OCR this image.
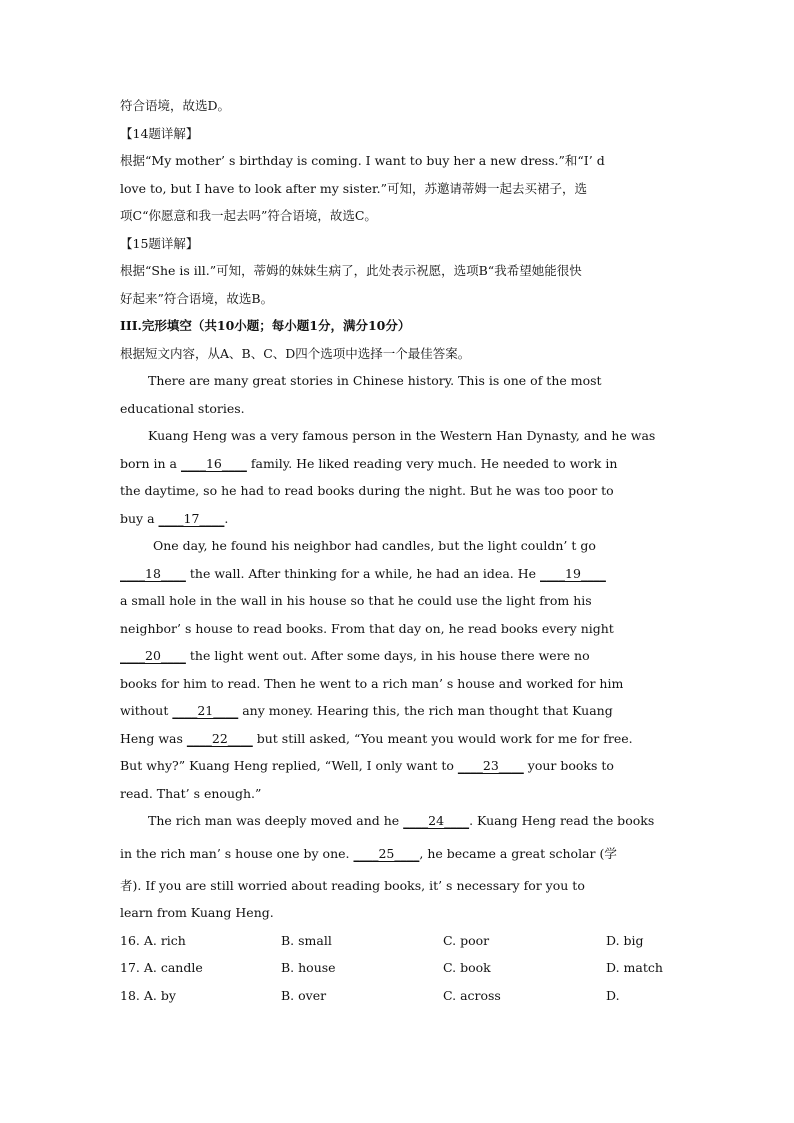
符合语境，故选D。
【14题详解】
根据“My mother’ s birthday is coming. I want to buy her a new dress.”和“I’ d
love to, but I have to look after my sister.”可知，苏邀请蒂姆一起去买裙子，选
项C“你愿意和我一起去吗”符合语境，故选C。
【15题详解】
根据“She is ill.”可知，蒂姆的妹妹生病了，此处表示祝愿，选项B“我希望她能很快
好起来”符合语境，故选B。
III.完形填空（共10小题；每小题1分，满分10分）
根据短文内容，从A、B、C、D四个选项中选择一个最佳答案。
There are many great stories in Chinese history. This is one of the most
educational stories.
Kuang Heng was a very famous person in the Western Han Dynasty, and he was
born in a ____16____ family. He liked reading very much. He needed to work in
the daytime, so he had to read books during the night. But he was too poor to
buy a ____17____.
One day, he found his neighbor had candles, but the light couldn’ t go
____18____ the wall. After thinking for a while, he had an idea. He ____19____
a small hole in the wall in his house so that he could use the light from his
neighbor’ s house to read books. From that day on, he read books every night
____20____ the light went out. After some days, in his house there were no
books for him to read. Then he went to a rich man’ s house and worked for him
without ____21____ any money. Hearing this, the rich man thought that Kuang
Heng was ____22____ but still asked, “You meant you would work for me for free.
But why?” Kuang Heng replied, “Well, I only want to ____23____ your books to
read. That’ s enough.”
The rich man was deeply moved and he ____24____. Kuang Heng read the books
in the rich man’ s house one by one. ____25____, he became a great scholar (学
者). If you are still worried about reading books, it’ s necessary for you to
learn from Kuang Heng.
16. A. rich	B. small	C. poor	D. big
17. A. candle	B. house	C. book	D. match
18. A. by	B. over	C. across	D.
